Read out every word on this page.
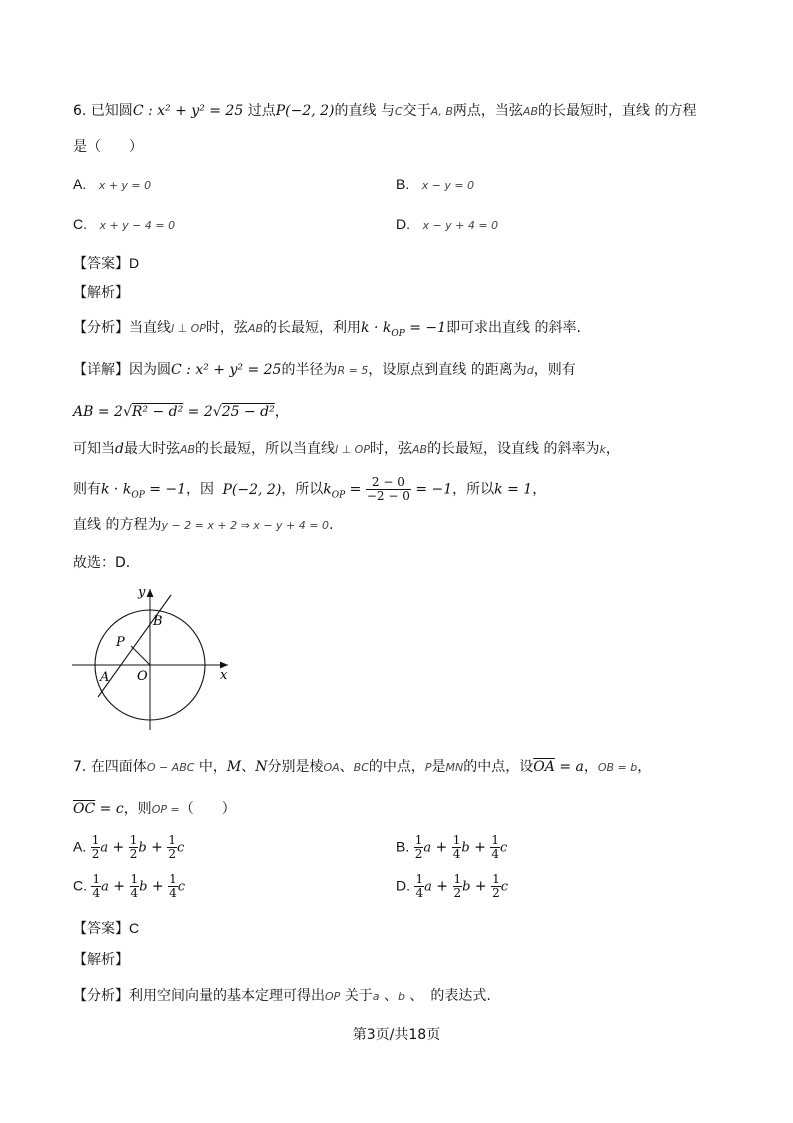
6. 已知圆C : x² + y² = 25 过点P(−2, 2)的直线 与C交于A, B两点，当弦AB的长最短时，直线 的方程
是（　　）
A. x + y = 0	B. x − y = 0
C. x + y − 4 = 0	D. x − y + 4 = 0
【答案】D
【解析】
【分析】当直线l ⊥ OP时，弦AB的长最短，利用$k \cdot k_{OP} = -1$即可求出直线 的斜率.
【详解】因为圆C : x² + y² = 25的半径为R = 5，设原点到直线 的距离为d，则有
AB = 2√R² − d² = 2√25 − d²，
可知当d最大时弦AB的长最短，所以当直线l ⊥ OP时，弦AB的长最短，设直线 的斜率为k，
则有$k \cdot k_{OP} = -1$，因 P(−2, 2)，所以$k_{OP} = \frac{2 - 0}{-2 - 0} = -1$，所以k = 1，
直线 的方程为y − 2 = x + 2 ⇒ x − y + 4 = 0.
故选：D.
y
x
B
P
A O
7. 在四面体O − ABC 中，M、N分别是棱OA、BC的中点，P是MN的中点，设$\overline{OA} = a$，OB = b，
$\overline{OC} = c$，则OP =（　　）
A. $\frac{1}{2}$ $a + \frac{1}{2}$ $b + \frac{1}{2}$ c	B. $\frac{1}{2}$ $a + \frac{1}{4}$ $b + \frac{1}{4}$ c
C. $\frac{1}{4}$ $a + \frac{1}{4}$ $b + \frac{1}{4}$ c	D. $\frac{1}{4}$ $a + \frac{1}{2}$ $b + \frac{1}{2}$ c
【答案】C
【解析】
【分析】利用空间向量的基本定理可得出OP 关于a 、b 、　的表达式.
第3页/共18页
